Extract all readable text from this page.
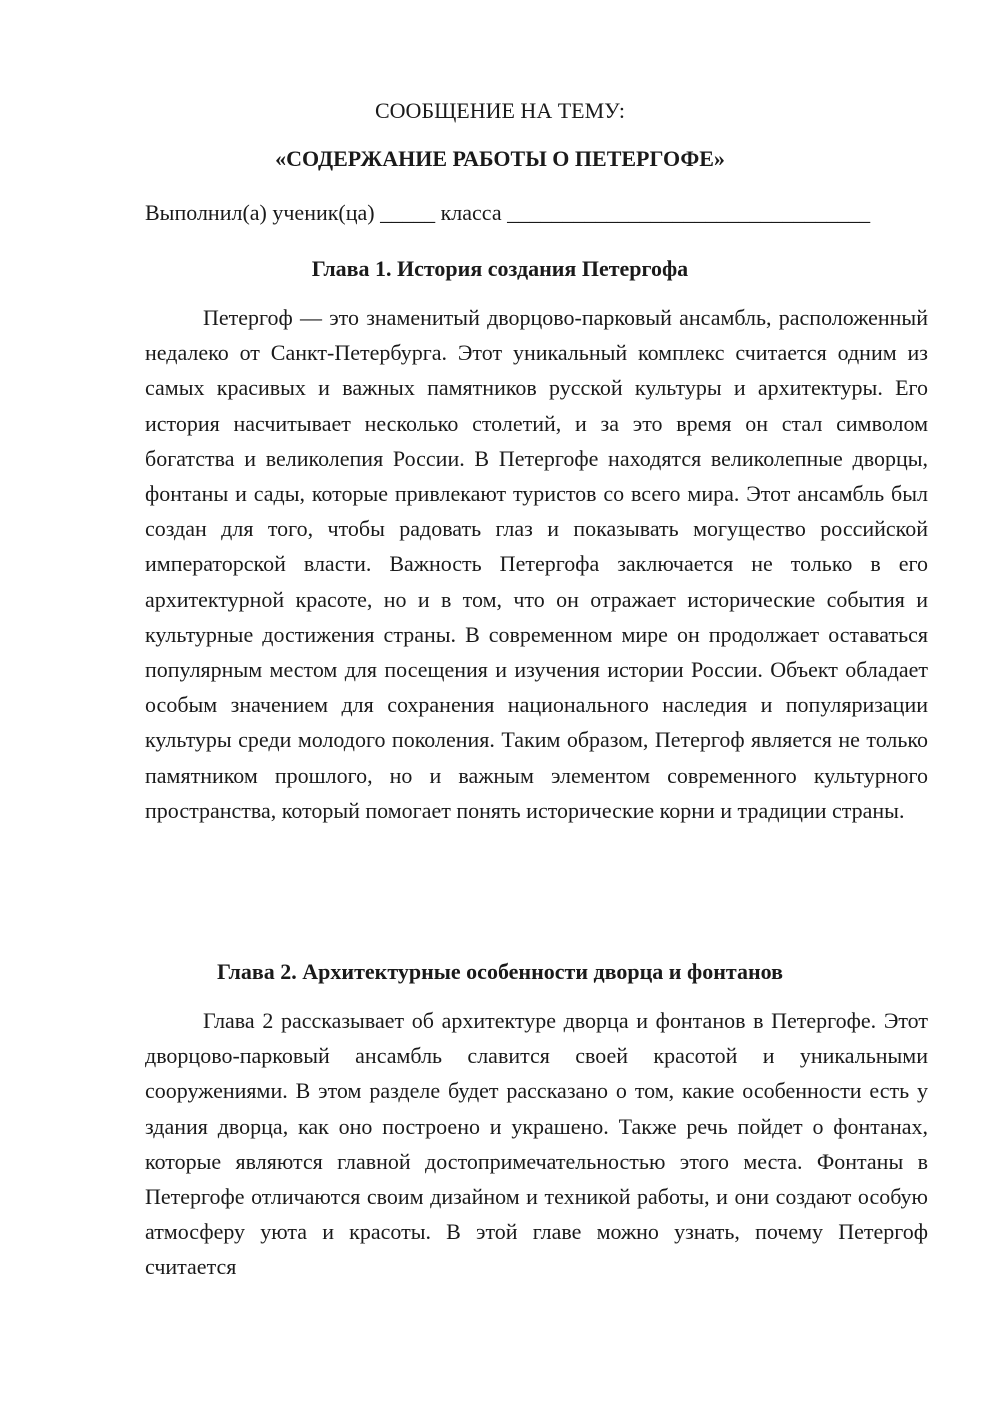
СООБЩЕНИЕ НА ТЕМУ:
«СОДЕРЖАНИЕ РАБОТЫ О ПЕТЕРГОФЕ»
Выполнил(а) ученик(ца) _____ класса _________________________________
Глава 1. История создания Петергофа

Петергоф — это знаменитый дворцово-парковый ансамбль, расположенный недалеко от Санкт-Петербурга. Этот уникальный комплекс считается одним из самых красивых и важных памятников русской культуры и архитектуры. Его история насчитывает несколько столетий, и за это время он стал символом богатства и великолепия России. В Петергофе находятся великолепные дворцы, фонтаны и сады, которые привлекают туристов со всего мира. Этот ансамбль был создан для того, чтобы радовать глаз и показывать могущество российской императорской власти. Важность Петергофа заключается не только в его архитектурной красоте, но и в том, что он отражает исторические события и культурные достижения страны. В современном мире он продолжает оставаться популярным местом для посещения и изучения истории России. Объект обладает особым значением для сохранения национального наследия и популяризации культуры среди молодого поколения. Таким образом, Петергоф является не только памятником прошлого, но и важным элементом современного культурного пространства, который помогает понять исторические корни и традиции страны.

Глава 2. Архитектурные особенности дворца и фонтанов

Глава 2 рассказывает об архитектуре дворца и фонтанов в Петергофе. Этот дворцово-парковый ансамбль славится своей красотой и уникальными сооружениями. В этом разделе будет рассказано о том, какие особенности есть у здания дворца, как оно построено и украшено. Также речь пойдет о фонтанах, которые являются главной достопримечательностью этого места. Фонтаны в Петергофе отличаются своим дизайном и техникой работы, и они создают особую атмосферу уюта и красоты. В этой главе можно узнать, почему Петергоф считается
